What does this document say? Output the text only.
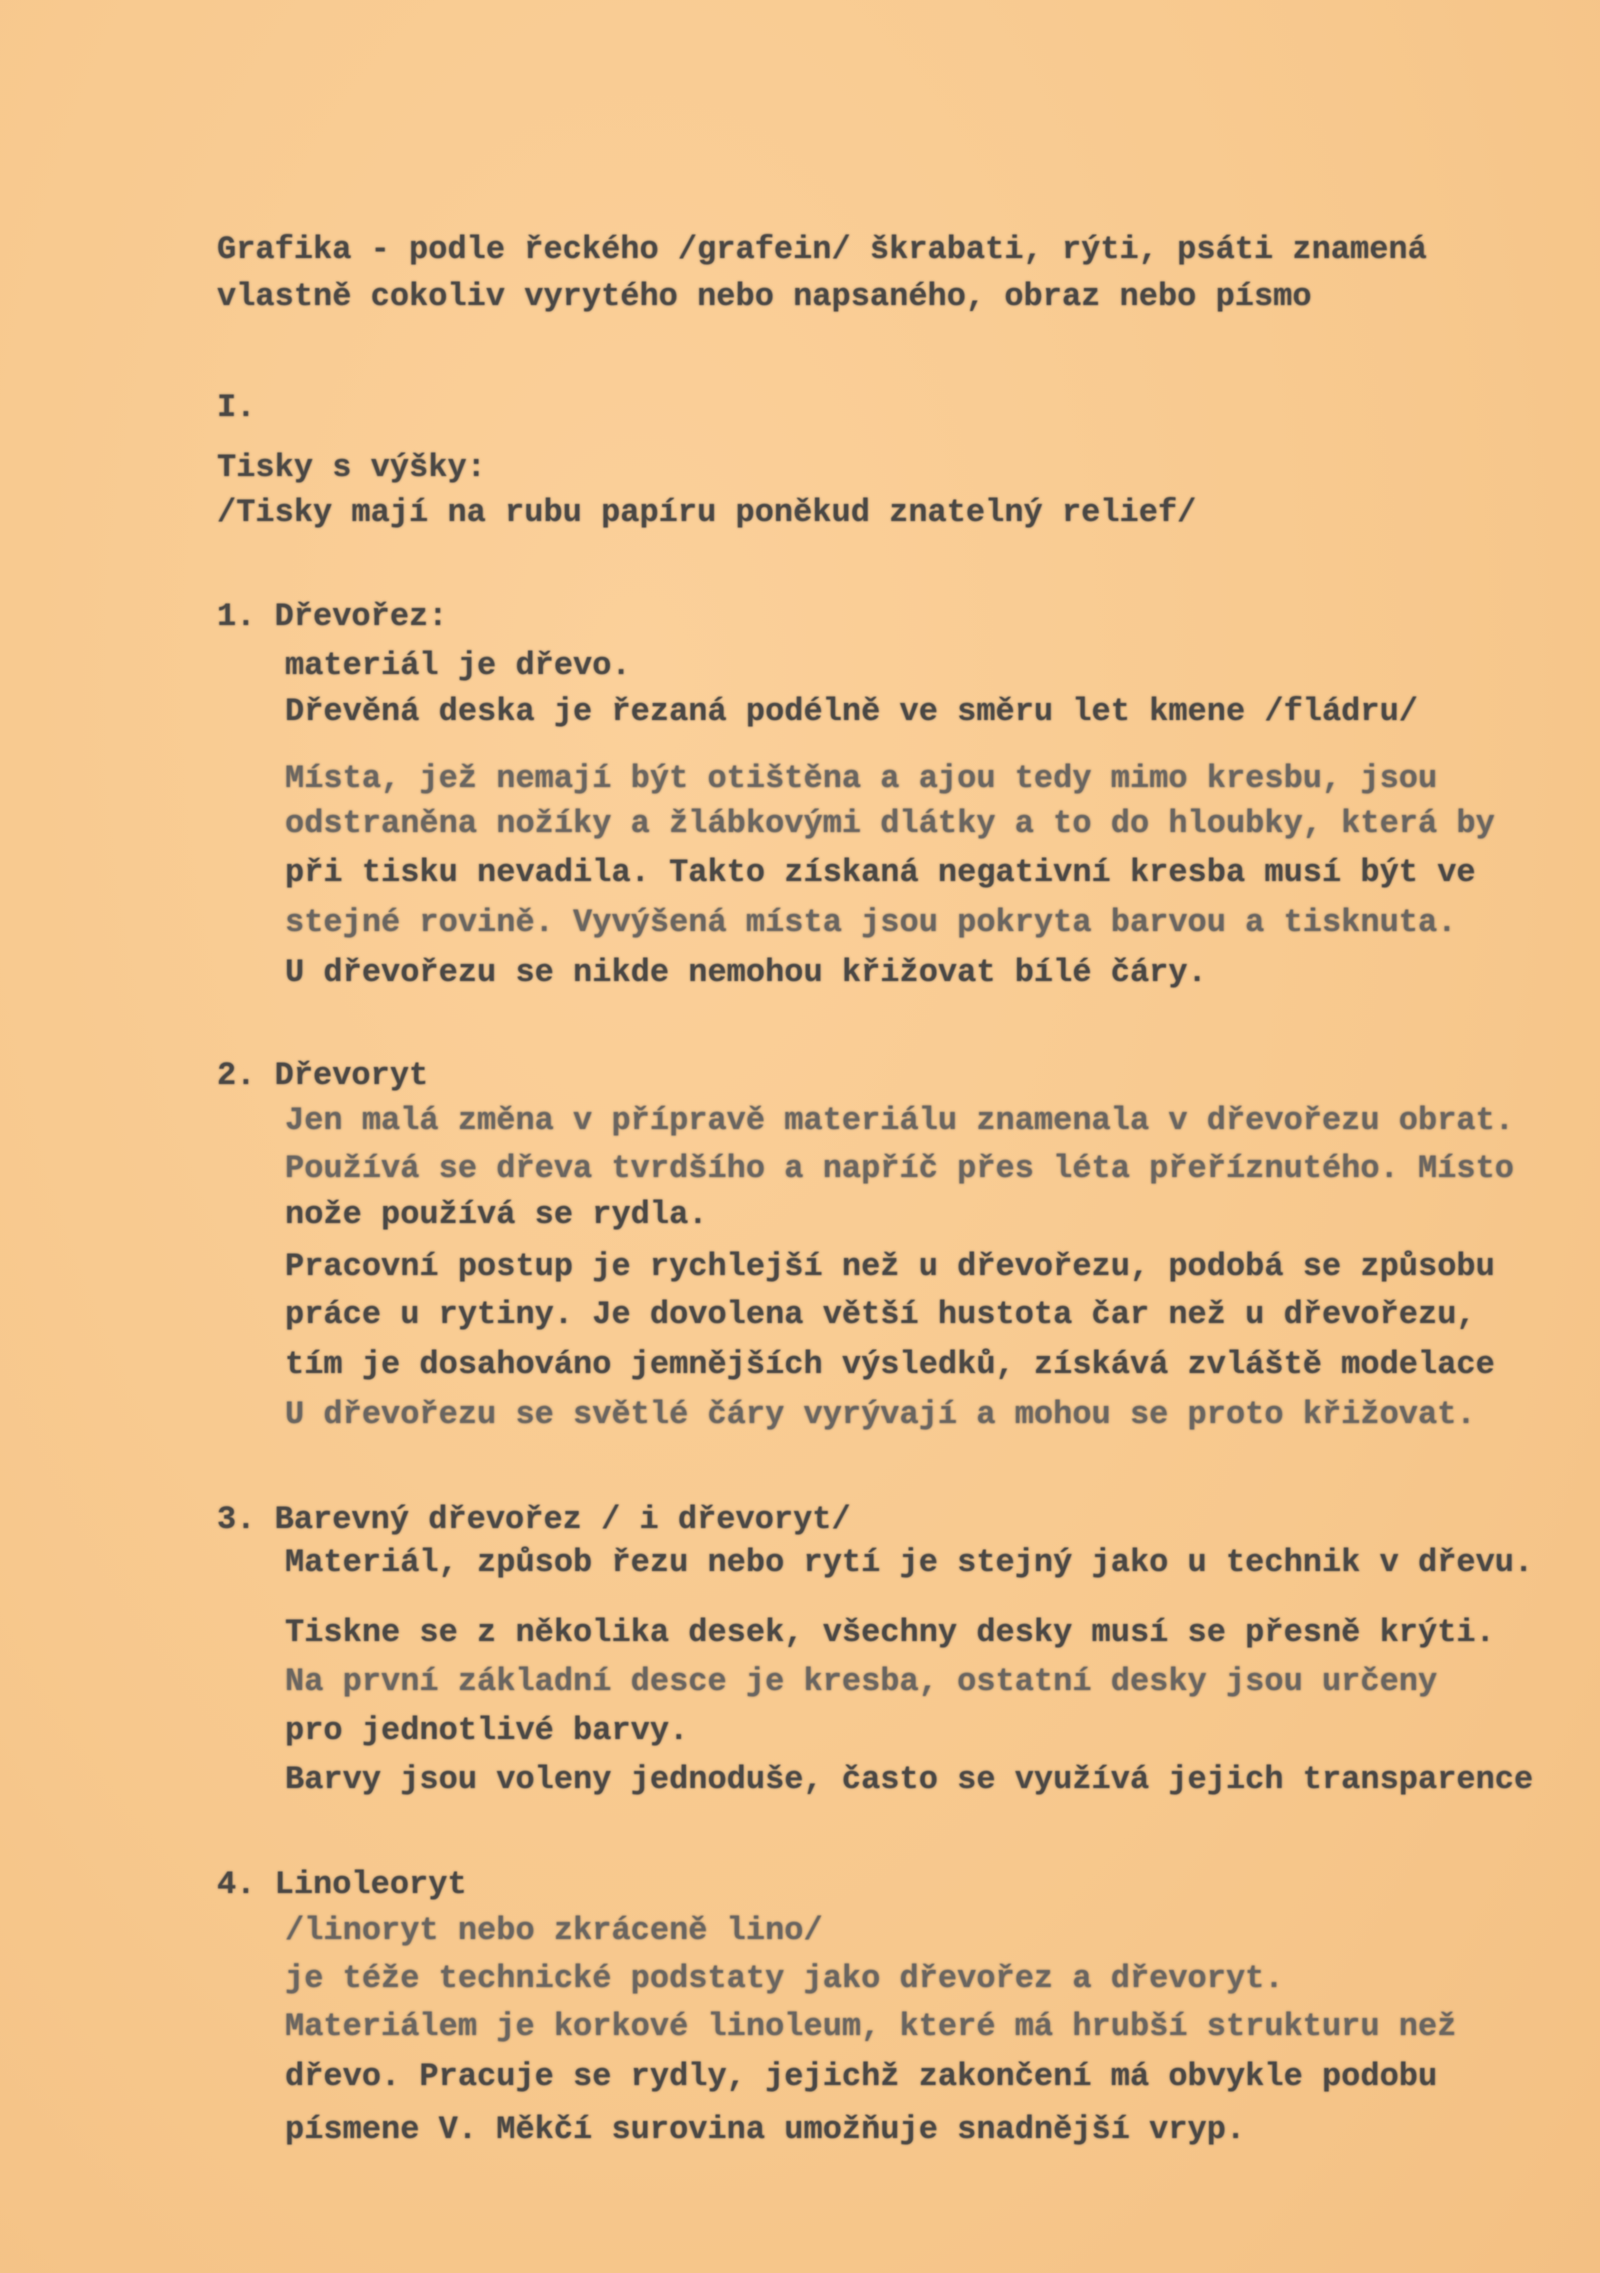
Grafika - podle řeckého /grafein/ škrabati, rýti, psáti znamená
vlastně cokoliv vyrytého nebo napsaného, obraz nebo písmo
I.
Tisky s výšky:
/Tisky mají na rubu papíru poněkud znatelný relief/
1. Dřevořez:
materiál je dřevo.
Dřevěná deska je řezaná podélně ve směru let kmene /fládru/
Místa, jež nemají být otištěna a ajou tedy mimo kresbu, jsou
odstraněna nožíky a žlábkovými dlátky a to do hloubky, která by
při tisku nevadila. Takto získaná negativní kresba musí být ve
stejné rovině. Vyvýšená místa jsou pokryta barvou a tisknuta.
U dřevořezu se nikde nemohou křižovat bílé čáry.
2. Dřevoryt
Jen malá změna v přípravě materiálu znamenala v dřevořezu obrat.
Používá se dřeva tvrdšího a napříč přes léta přeříznutého. Místo
nože používá se rydla.
Pracovní postup je rychlejší než u dřevořezu, podobá se způsobu
práce u rytiny. Je dovolena větší hustota čar než u dřevořezu,
tím je dosahováno jemnějších výsledků, získává zvláště modelace
U dřevořezu se světlé čáry vyrývají a mohou se proto křižovat.
3. Barevný dřevořez / i dřevoryt/
Materiál, způsob řezu nebo rytí je stejný jako u technik v dřevu.
Tiskne se z několika desek, všechny desky musí se přesně krýti.
Na první základní desce je kresba, ostatní desky jsou určeny
pro jednotlivé barvy.
Barvy jsou voleny jednoduše, často se využívá jejich transparence
4. Linoleoryt
/linoryt nebo zkráceně lino/
je téže technické podstaty jako dřevořez a dřevoryt.
Materiálem je korkové linoleum, které má hrubší strukturu než
dřevo. Pracuje se rydly, jejichž zakončení má obvykle podobu
písmene V. Měkčí surovina umožňuje snadnější vryp.
